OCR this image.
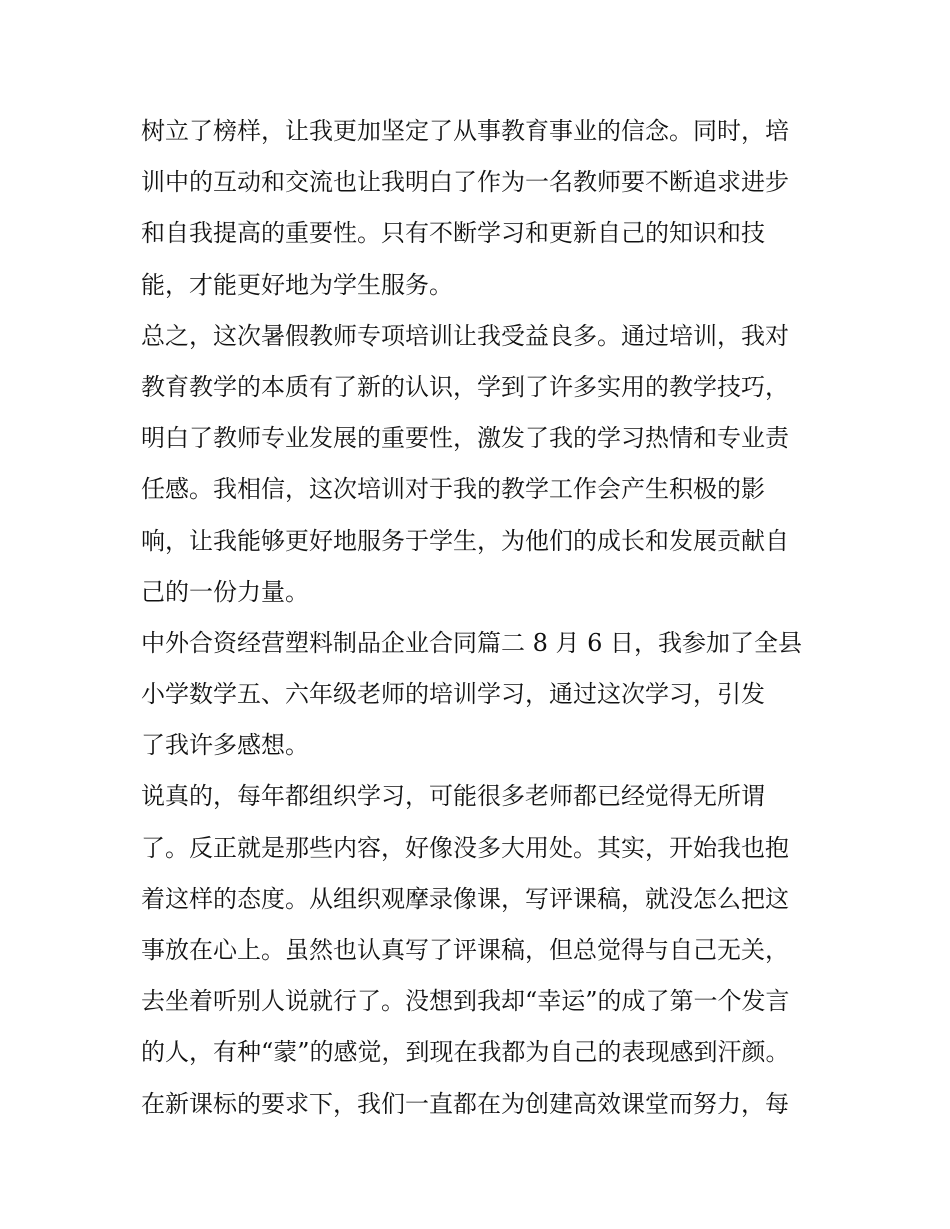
树立了榜样，让我更加坚定了从事教育事业的信念。同时，培
训中的互动和交流也让我明白了作为一名教师要不断追求进步
和自我提高的重要性。只有不断学习和更新自己的知识和技
能，才能更好地为学生服务。
总之，这次暑假教师专项培训让我受益良多。通过培训，我对
教育教学的本质有了新的认识，学到了许多实用的教学技巧，
明白了教师专业发展的重要性，激发了我的学习热情和专业责
任感。我相信，这次培训对于我的教学工作会产生积极的影
响，让我能够更好地服务于学生，为他们的成长和发展贡献自
己的一份力量。
中外合资经营塑料制品企业合同篇二 8 月 6 日，我参加了全县
小学数学五、六年级老师的培训学习，通过这次学习，引发
了我许多感想。
说真的，每年都组织学习，可能很多老师都已经觉得无所谓
了。反正就是那些内容，好像没多大用处。其实，开始我也抱
着这样的态度。从组织观摩录像课，写评课稿，就没怎么把这
事放在心上。虽然也认真写了评课稿，但总觉得与自己无关，
去坐着听别人说就行了。没想到我却“幸运”的成了第一个发言
的人，有种“蒙”的感觉，到现在我都为自己的表现感到汗颜。
在新课标的要求下，我们一直都在为创建高效课堂而努力，每
